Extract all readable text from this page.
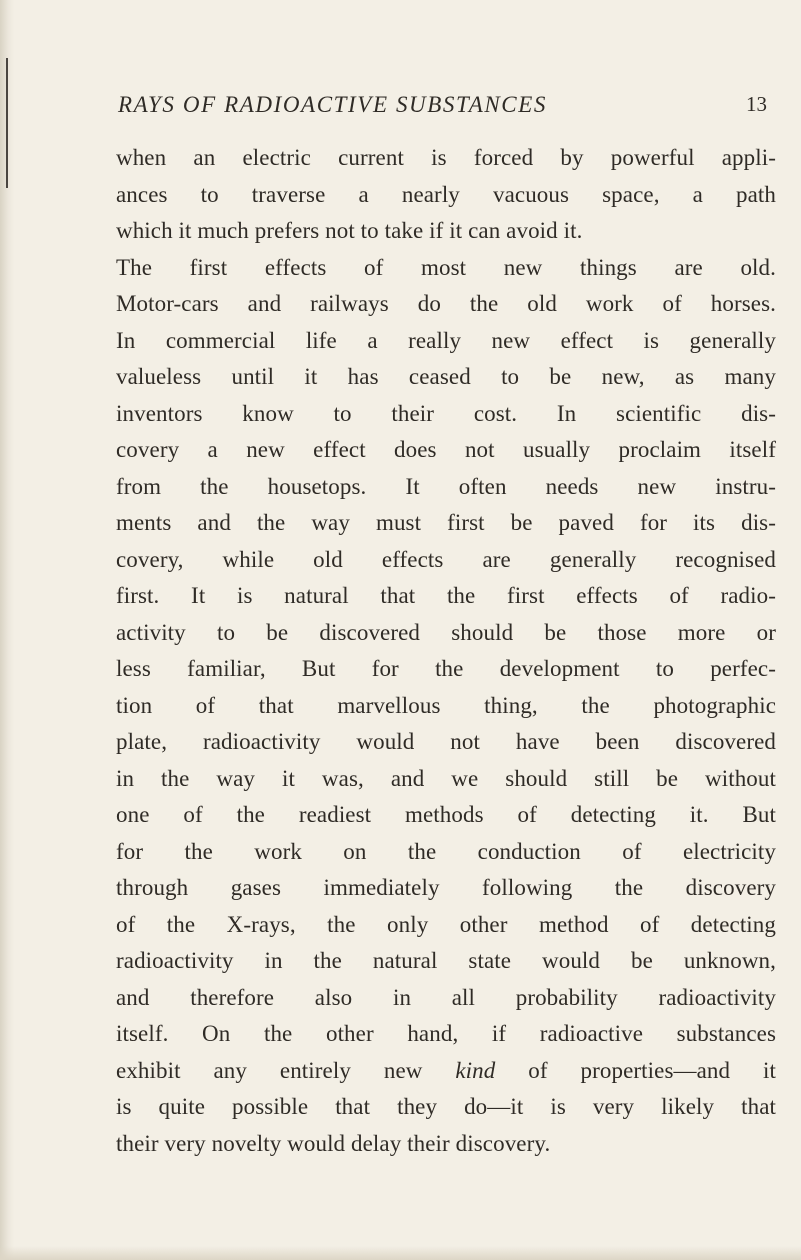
RAYS OF RADIOACTIVE SUBSTANCES	13
when an electric current is forced by powerful appli-
ances to traverse a nearly vacuous space, a path
which it much prefers not to take if it can avoid it.
The first effects of most new things are old.
Motor-cars and railways do the old work of horses.
In commercial life a really new effect is generally
valueless until it has ceased to be new, as many
inventors know to their cost. In scientific dis-
covery a new effect does not usually proclaim itself
from the housetops. It often needs new instru-
ments and the way must first be paved for its dis-
covery, while old effects are generally recognised
first. It is natural that the first effects of radio-
activity to be discovered should be those more or
less familiar, But for the development to perfec-
tion of that marvellous thing, the photographic
plate, radioactivity would not have been discovered
in the way it was, and we should still be without
one of the readiest methods of detecting it. But
for the work on the conduction of electricity
through gases immediately following the discovery
of the X-rays, the only other method of detecting
radioactivity in the natural state would be unknown,
and therefore also in all probability radioactivity
itself. On the other hand, if radioactive substances
exhibit any entirely new kind of properties—and it
is quite possible that they do—it is very likely that
their very novelty would delay their discovery.
